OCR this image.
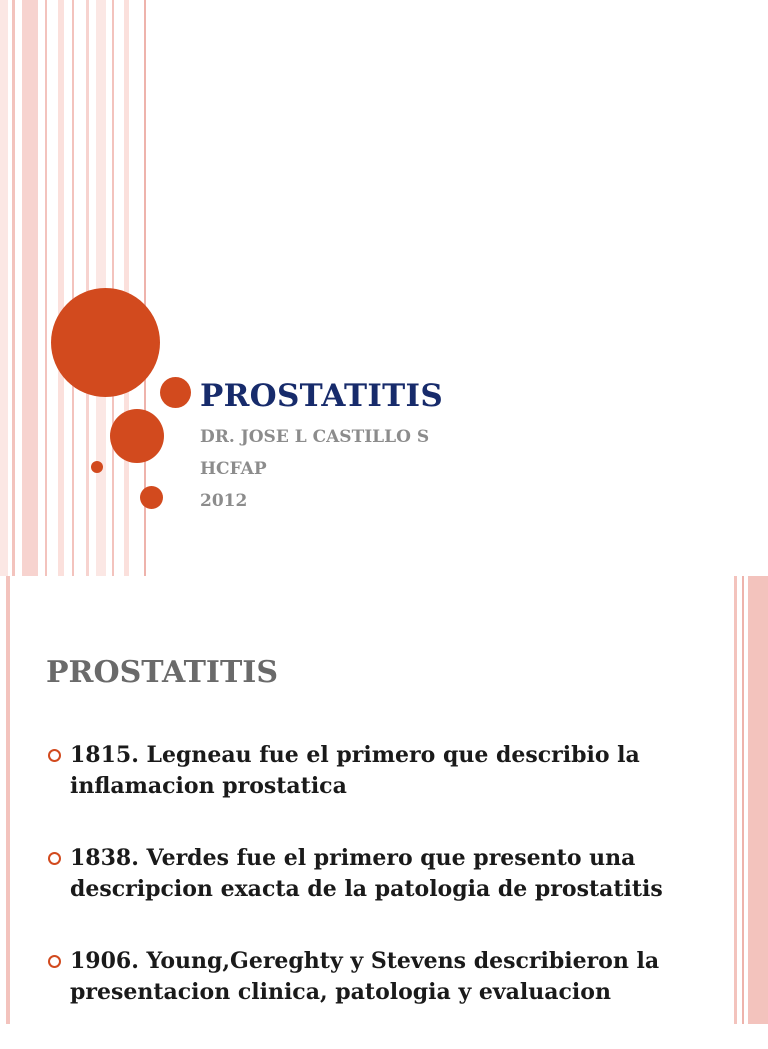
PROSTATITIS
DR. JOSE L CASTILLO S
HCFAP
2012
PROSTATITIS
1815. Legneau fue el primero que describio la
inflamacion prostatica
1838. Verdes fue el primero que presento una
descripcion exacta de la patologia de prostatitis
1906. Young,Gereghty y Stevens describieron la
presentacion clinica, patologia y evaluacion
